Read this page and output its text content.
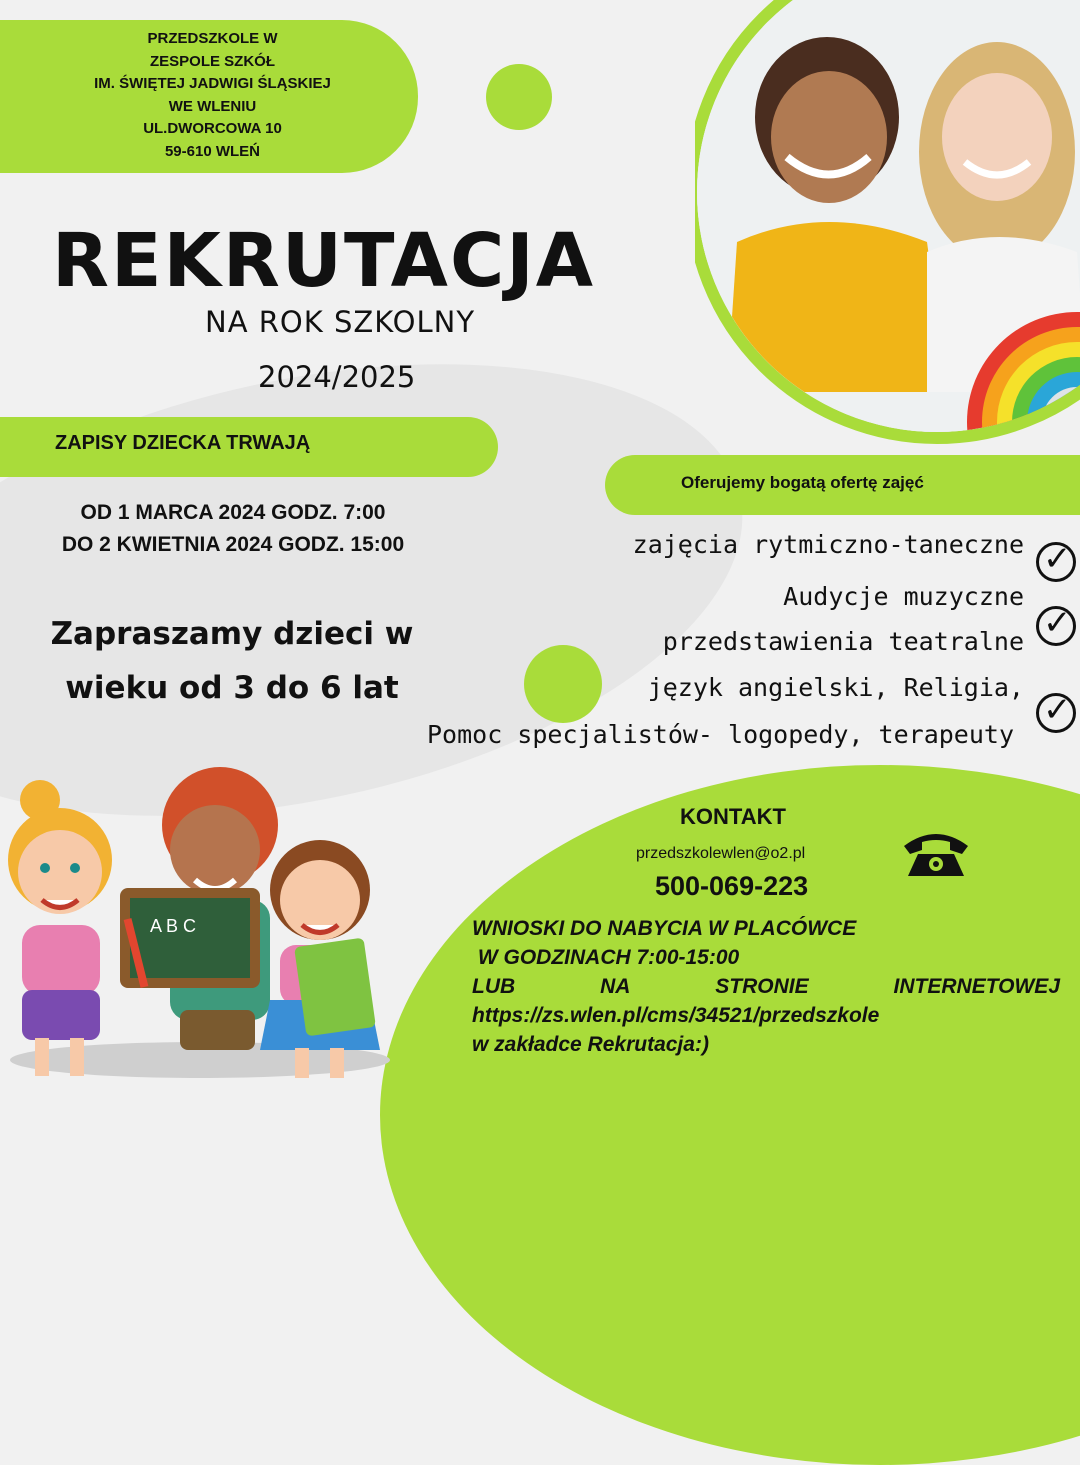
PRZEDSZKOLE W
ZESPOLE SZKÓŁ
IM. ŚWIĘTEJ JADWIGI ŚLĄSKIEJ
WE WLENIU
UL.DWORCOWA 10
59-610 WLEŃ
REKRUTACJA
NA ROK SZKOLNY
2024/2025
ZAPISY DZIECKA TRWAJĄ
OD 1 MARCA 2024 GODZ. 7:00
DO 2 KWIETNIA 2024 GODZ. 15:00
Zapraszamy dzieci w
wieku od 3 do 6 lat
Oferujemy bogatą ofertę zajęć
zajęcia rytmiczno-taneczne
Audycje muzyczne
przedstawienia teatralne
język angielski, Religia,
Pomoc specjalistów- logopedy, terapeuty
✓
✓
✓
KONTAKT
przedszkolewlen@o2.pl
500-069-223
WNIOSKI DO NABYCIA W PLACÓWCE
W GODZINACH 7:00-15:00
LUB	NA	STRONIE	INTERNETOWEJ
https://zs.wlen.pl/cms/34521/przedszkole
w zakładce Rekrutacja:)
A B C
